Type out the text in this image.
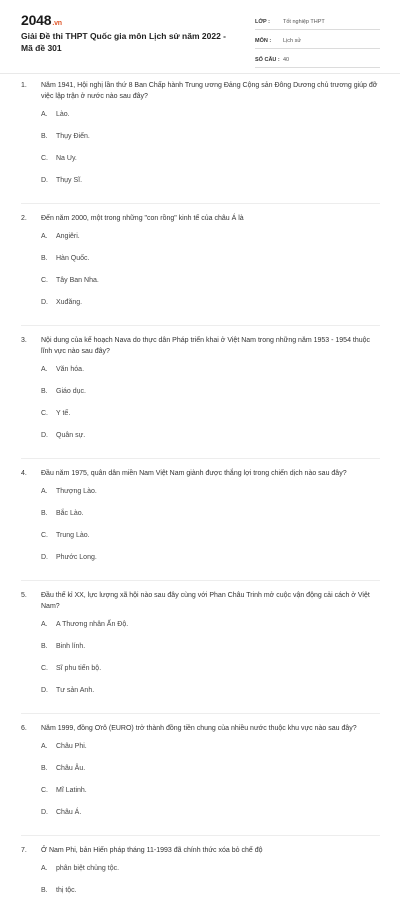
2048.vn
Giải Đề thi THPT Quốc gia môn Lịch sử năm 2022 - Mã đề 301
LỚP :	Tốt nghiệp THPT
MÔN :	Lịch sử
SỐ CÂU : 40
1.	Năm 1941, Hội nghị lần thứ 8 Ban Chấp hành Trung ương Đảng Cộng sản Đông Dương chủ trương giúp đỡ việc lập trận ở nước nào sau đây?
A.	Lào.
B.	Thụy Điển.
C.	Na Uy.
D.	Thụy Sĩ.
2.	Đến năm 2000, một trong những "con rồng" kinh tế của châu Á là
A.	Angiêri.
B.	Hàn Quốc.
C.	Tây Ban Nha.
D.	Xuđăng.
3.	Nội dung của kế hoạch Nava do thực dân Pháp triển khai ở Việt Nam trong những năm 1953 - 1954 thuộc lĩnh vực nào sau đây?
A.	Văn hóa.
B.	Giáo dục.
C.	Y tế.
D.	Quân sự.
4.	Đầu năm 1975, quân dân miền Nam Việt Nam giành được thắng lợi trong chiến dịch nào sau đây?
A.	Thượng Lào.
B.	Bắc Lào.
C.	Trung Lào.
D.	Phước Long.
5.	Đầu thế kỉ XX, lực lượng xã hội nào sau đây cùng với Phan Châu Trinh mở cuộc vận động cải cách ở Việt Nam?
A.	A Thương nhân Ấn Độ.
B.	Binh lính.
C.	Sĩ phu tiến bộ.
D.	Tư sản Anh.
6.	Năm 1999, đồng Ơrô (EURO) trở thành đồng tiền chung của nhiều nước thuộc khu vực nào sau đây?
A.	Châu Phi.
B.	Châu Âu.
C.	Mĩ Latinh.
D.	Châu Á.
7.	Ở Nam Phi, bản Hiến pháp tháng 11-1993 đã chính thức xóa bỏ chế độ
A.	phân biệt chủng tộc.
B.	thị tộc.
